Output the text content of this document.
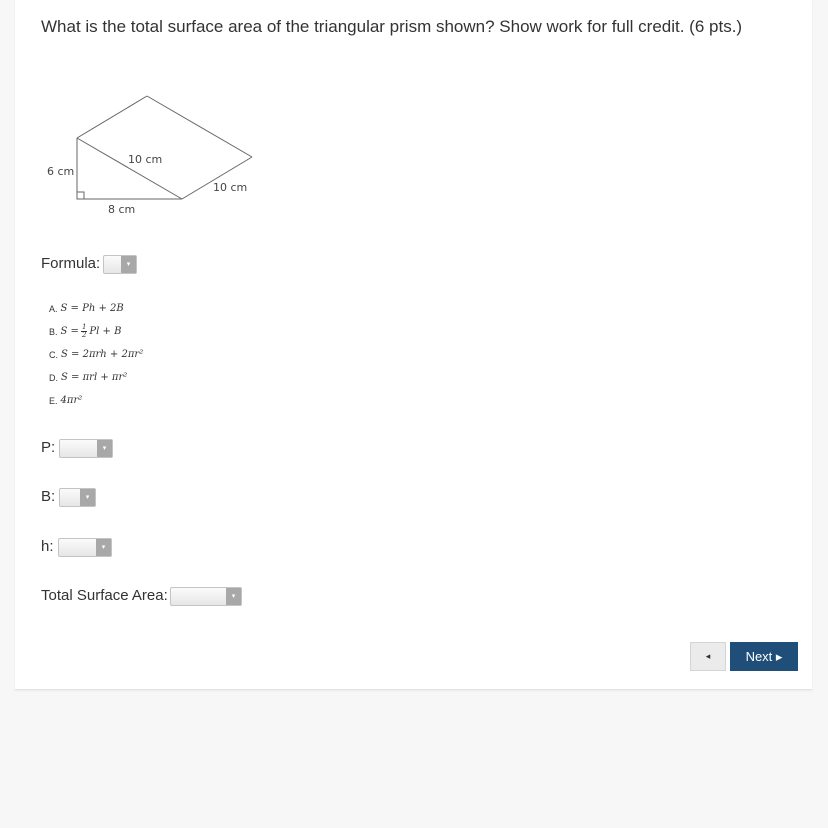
What is the total surface area of the triangular prism shown? Show work for full credit. (6 pts.)
6 cm
8 cm
10 cm
10 cm
Formula:	▾
A. S = Ph + 2B
B. $S = \frac{1}{2}$ Pl + B
C. S = 2πrh + 2πr²
D. S = πrl + πr²
E. 4πr²
P:	▾
B:	▾
h:	▾
Total Surface Area:	▾
◂	Next ▸
